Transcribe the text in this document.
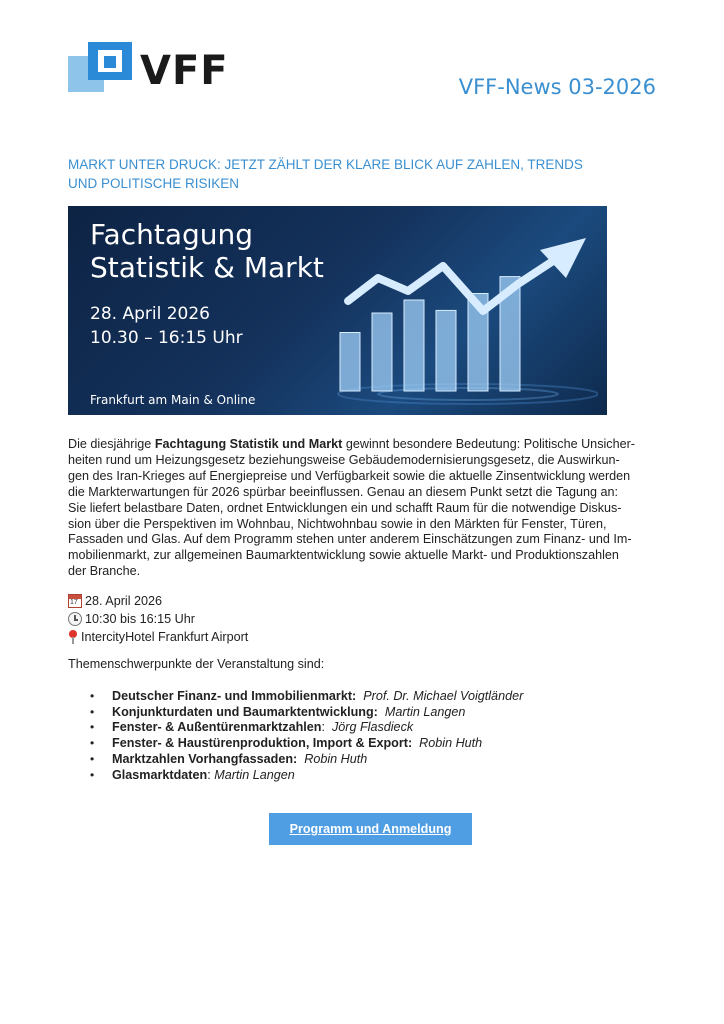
VFF	VFF-News 03-2026
MARKT UNTER DRUCK: JETZT ZÄHLT DER KLARE BLICK AUF ZAHLEN, TRENDS
UND POLITISCHE RISIKEN
Fachtagung
Statistik & Markt
28. April 2026
10.30 – 16:15 Uhr
Frankfurt am Main & Online
Die diesjährige Fachtagung Statistik und Markt gewinnt besondere Bedeutung: Politische Unsicher-
heiten rund um Heizungsgesetz beziehungsweise Gebäudemodernisierungsgesetz, die Auswirkun-
gen des Iran-Krieges auf Energiepreise und Verfügbarkeit sowie die aktuelle Zinsentwicklung werden
die Markterwartungen für 2026 spürbar beeinflussen. Genau an diesem Punkt setzt die Tagung an:
Sie liefert belastbare Daten, ordnet Entwicklungen ein und schafft Raum für die notwendige Diskus-
sion über die Perspektiven im Wohnbau, Nichtwohnbau sowie in den Märkten für Fenster, Türen,
Fassaden und Glas. Auf dem Programm stehen unter anderem Einschätzungen zum Finanz- und Im-
mobilienmarkt, zur allgemeinen Baumarktentwicklung sowie aktuelle Markt- und Produktionszahlen
der Branche.
17
28. April 2026
10:30 bis 16:15 Uhr
IntercityHotel Frankfurt Airport
Themenschwerpunkte der Veranstaltung sind:
• Deutscher Finanz- und Immobilienmarkt: Prof. Dr. Michael Voigtländer
• Konjunkturdaten und Baumarktentwicklung: Martin Langen
• Fenster- & Außentürenmarktzahlen: Jörg Flasdieck
• Fenster- & Haustürenproduktion, Import & Export: Robin Huth
• Marktzahlen Vorhangfassaden: Robin Huth
• Glasmarktdaten: Martin Langen
Programm und Anmeldung
